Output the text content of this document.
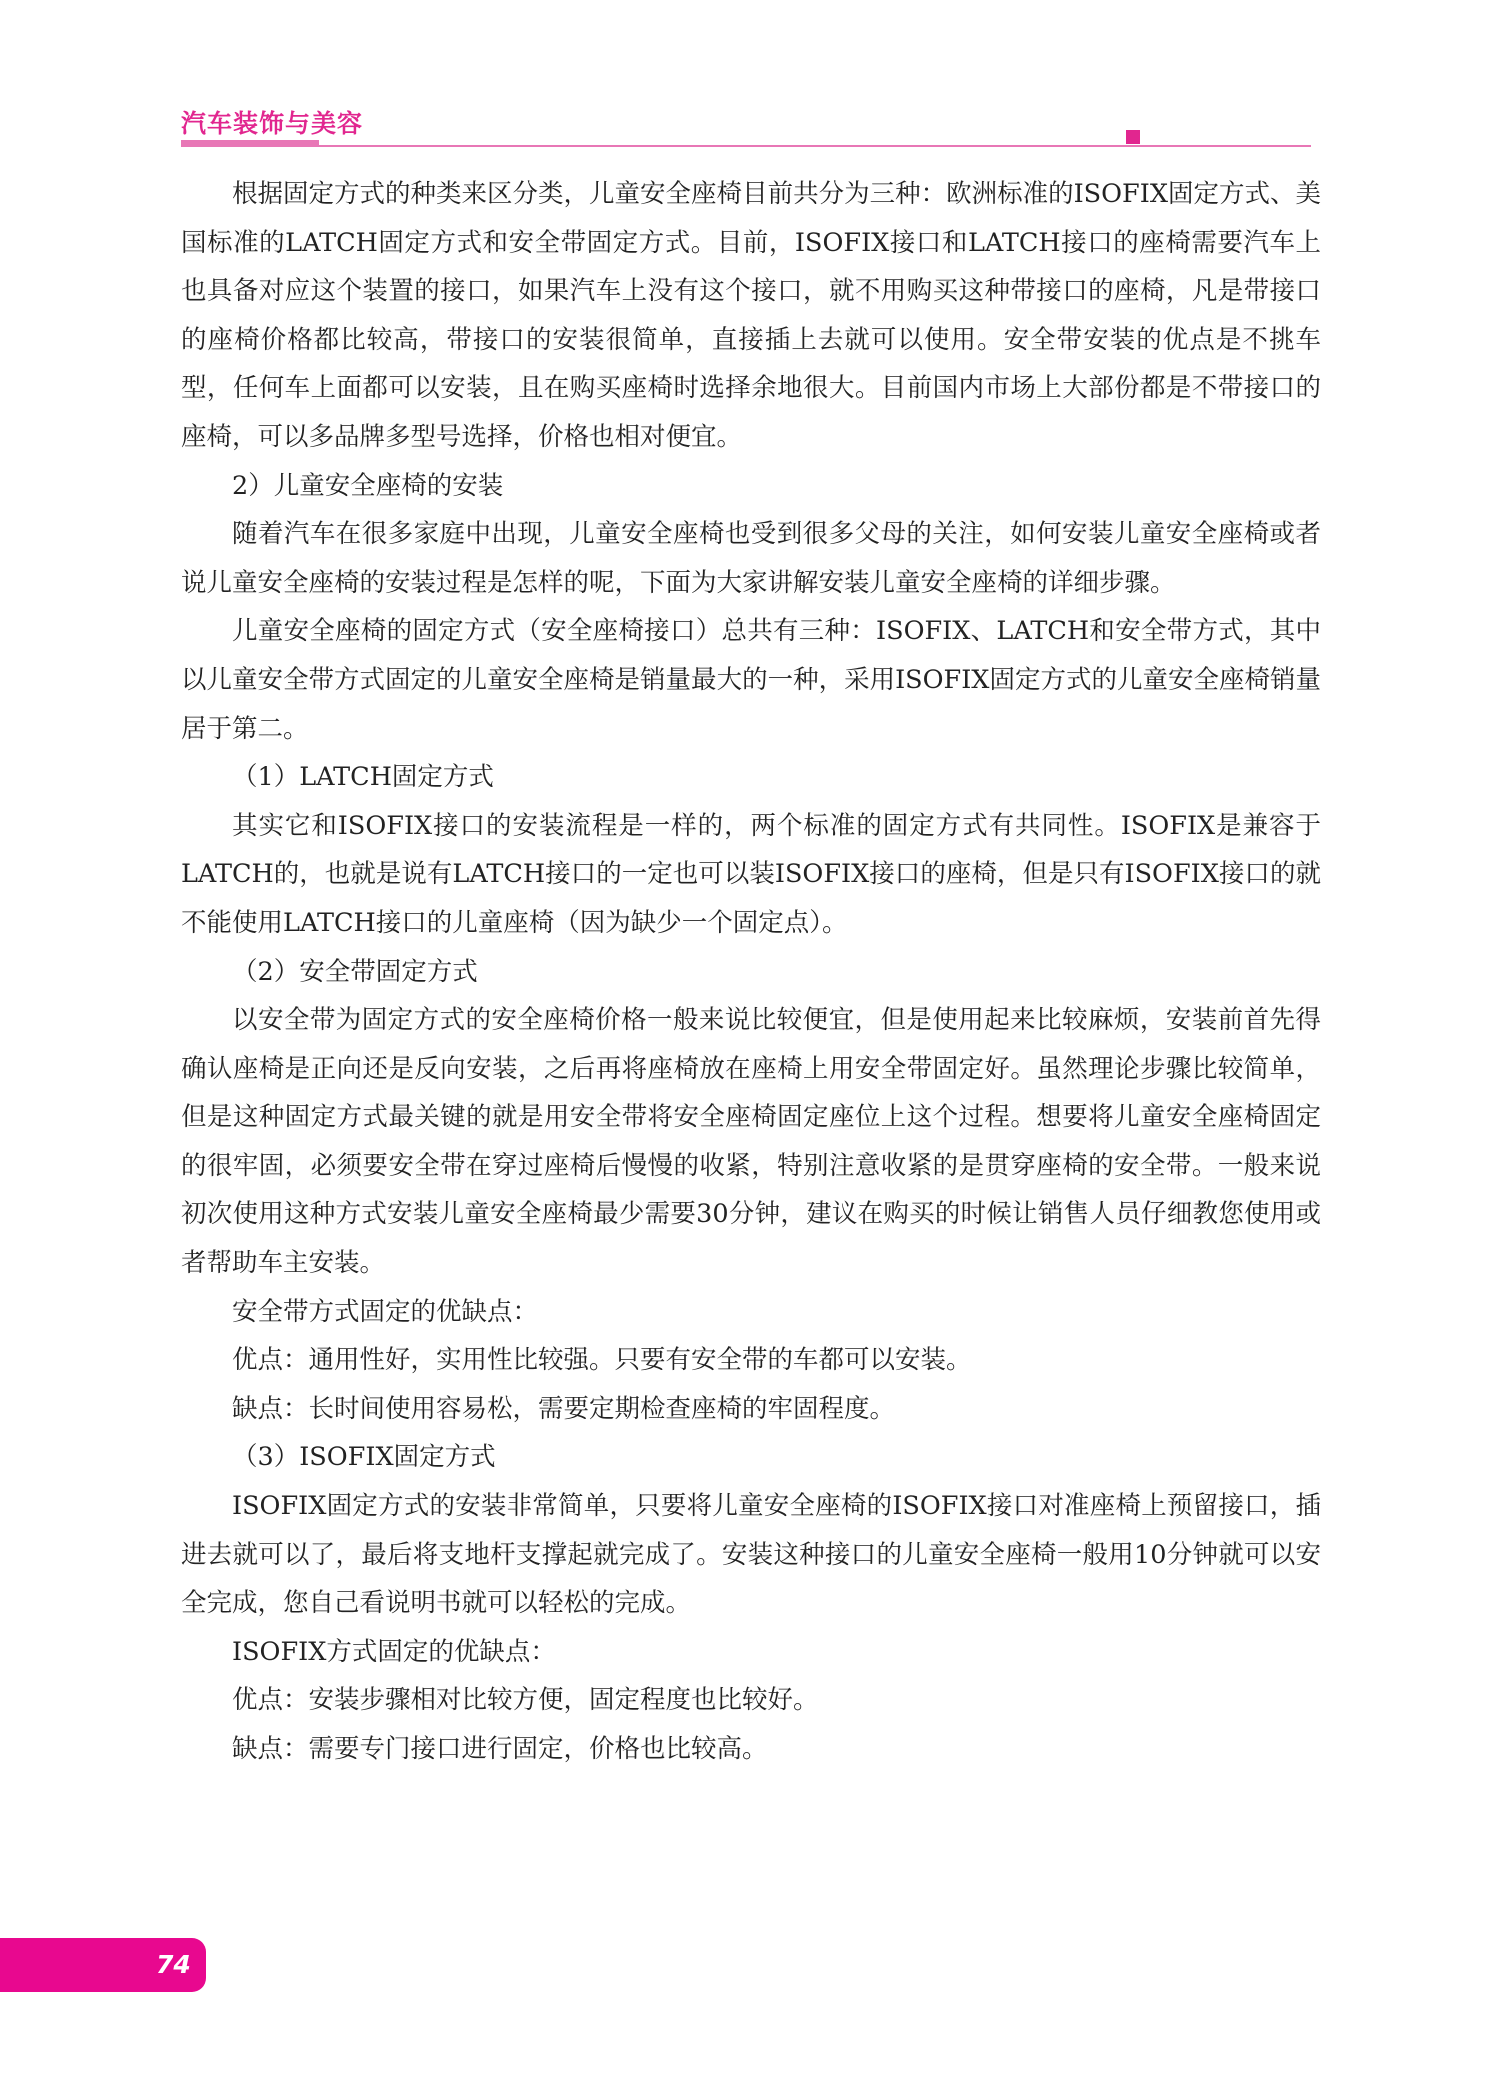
汽车装饰与美容

根据固定方式的种类来区分类，儿童安全座椅目前共分为三种：欧洲标准的ISOFIX固定方式、美国标准的LATCH固定方式和安全带固定方式。目前，ISOFIX接口和LATCH接口的座椅需要汽车上也具备对应这个装置的接口，如果汽车上没有这个接口，就不用购买这种带接口的座椅，凡是带接口的座椅价格都比较高，带接口的安装很简单，直接插上去就可以使用。安全带安装的优点是不挑车型，任何车上面都可以安装，且在购买座椅时选择余地很大。目前国内市场上大部份都是不带接口的座椅，可以多品牌多型号选择，价格也相对便宜。

2）儿童安全座椅的安装

随着汽车在很多家庭中出现，儿童安全座椅也受到很多父母的关注，如何安装儿童安全座椅或者说儿童安全座椅的安装过程是怎样的呢，下面为大家讲解安装儿童安全座椅的详细步骤。

儿童安全座椅的固定方式（安全座椅接口）总共有三种：ISOFIX、LATCH和安全带方式，其中以儿童安全带方式固定的儿童安全座椅是销量最大的一种，采用ISOFIX固定方式的儿童安全座椅销量居于第二。

（1）LATCH固定方式

其实它和ISOFIX接口的安装流程是一样的，两个标准的固定方式有共同性。ISOFIX是兼容于LATCH的，也就是说有LATCH接口的一定也可以装ISOFIX接口的座椅，但是只有ISOFIX接口的就不能使用LATCH接口的儿童座椅（因为缺少一个固定点）。

（2）安全带固定方式

以安全带为固定方式的安全座椅价格一般来说比较便宜，但是使用起来比较麻烦，安装前首先得确认座椅是正向还是反向安装，之后再将座椅放在座椅上用安全带固定好。虽然理论步骤比较简单，但是这种固定方式最关键的就是用安全带将安全座椅固定座位上这个过程。想要将儿童安全座椅固定的很牢固，必须要安全带在穿过座椅后慢慢的收紧，特别注意收紧的是贯穿座椅的安全带。一般来说初次使用这种方式安装儿童安全座椅最少需要30分钟，建议在购买的时候让销售人员仔细教您使用或者帮助车主安装。

安全带方式固定的优缺点：

优点：通用性好，实用性比较强。只要有安全带的车都可以安装。

缺点：长时间使用容易松，需要定期检查座椅的牢固程度。

（3）ISOFIX固定方式

ISOFIX固定方式的安装非常简单，只要将儿童安全座椅的ISOFIX接口对准座椅上预留接口，插进去就可以了，最后将支地杆支撑起就完成了。安装这种接口的儿童安全座椅一般用10分钟就可以安全完成，您自己看说明书就可以轻松的完成。

ISOFIX方式固定的优缺点：

优点：安装步骤相对比较方便，固定程度也比较好。

缺点：需要专门接口进行固定，价格也比较高。

74
